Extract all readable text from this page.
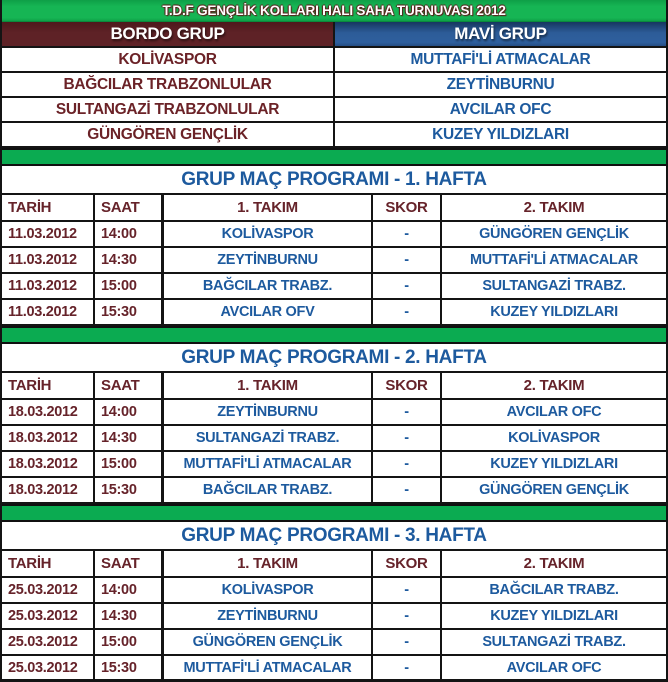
T.D.F GENÇLİK KOLLARI HALI SAHA TURNUVASI 2012
BORDO GRUP	MAVİ GRUP
KOLİVASPOR	MUTTAFİ'Lİ ATMACALAR
BAĞCILAR TRABZONLULAR	ZEYTİNBURNU
SULTANGAZİ TRABZONLULAR	AVCILAR OFC
GÜNGÖREN GENÇLİK	KUZEY YILDIZLARI
GRUP MAÇ PROGRAMI - 1. HAFTA
TARİH	SAAT	1. TAKIM	SKOR	2. TAKIM
11.03.2012	14:00	KOLİVASPOR	-	GÜNGÖREN GENÇLİK
11.03.2012	14:30	ZEYTİNBURNU	-	MUTTAFİ'Lİ ATMACALAR
11.03.2012	15:00	BAĞCILAR TRABZ.	-	SULTANGAZİ TRABZ.
11.03.2012	15:30	AVCILAR OFV	-	KUZEY YILDIZLARI
GRUP MAÇ PROGRAMI - 2. HAFTA
TARİH	SAAT	1. TAKIM	SKOR	2. TAKIM
18.03.2012	14:00	ZEYTİNBURNU	-	AVCILAR OFC
18.03.2012	14:30	SULTANGAZİ TRABZ.	-	KOLİVASPOR
18.03.2012	15:00	MUTTAFİ'Lİ ATMACALAR	-	KUZEY YILDIZLARI
18.03.2012	15:30	BAĞCILAR TRABZ.	-	GÜNGÖREN GENÇLİK
GRUP MAÇ PROGRAMI - 3. HAFTA
TARİH	SAAT	1. TAKIM	SKOR	2. TAKIM
25.03.2012	14:00	KOLİVASPOR	-	BAĞCILAR TRABZ.
25.03.2012	14:30	ZEYTİNBURNU	-	KUZEY YILDIZLARI
25.03.2012	15:00	GÜNGÖREN GENÇLİK	-	SULTANGAZİ TRABZ.
25.03.2012	15:30	MUTTAFİ'Lİ ATMACALAR	-	AVCILAR OFC
